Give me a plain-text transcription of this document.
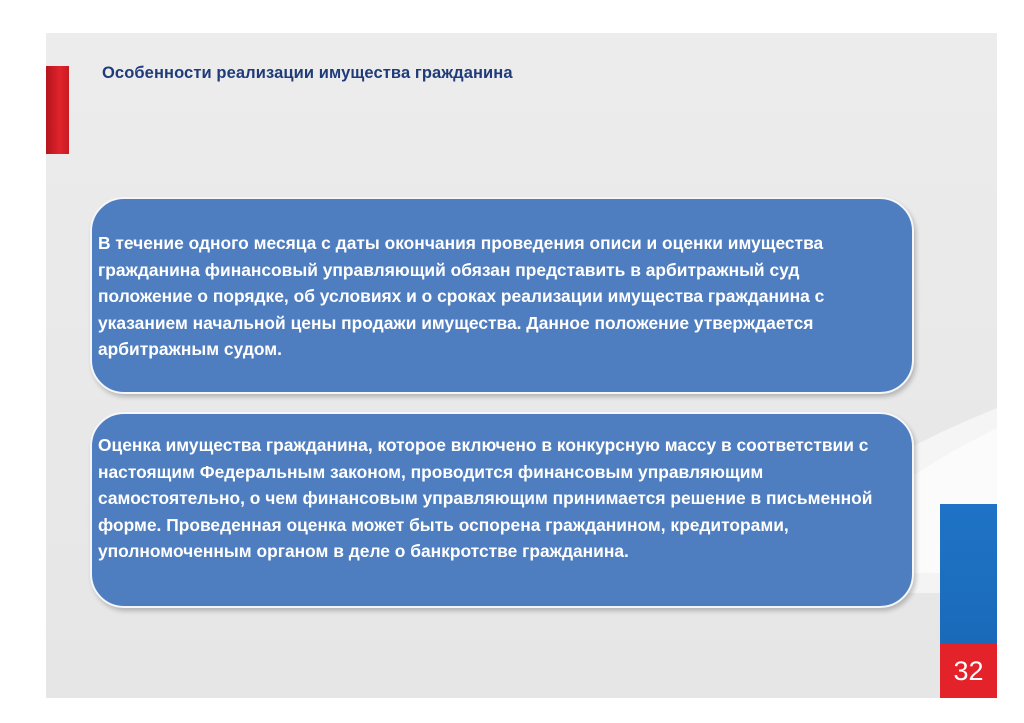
Особенности реализации имущества гражданина

В течение одного месяца с даты окончания проведения описи и оценки имущества гражданина финансовый управляющий обязан представить в арбитражный суд положение о порядке, об условиях и о сроках реализации имущества гражданина с указанием начальной цены продажи имущества. Данное положение утверждается арбитражным судом.

Оценка имущества гражданина, которое включено в конкурсную массу в соответствии с настоящим Федеральным законом, проводится финансовым управляющим самостоятельно, о чем финансовым управляющим принимается решение в письменной форме. Проведенная оценка может быть оспорена гражданином, кредиторами, уполномоченным органом в деле о банкротстве гражданина.

32
